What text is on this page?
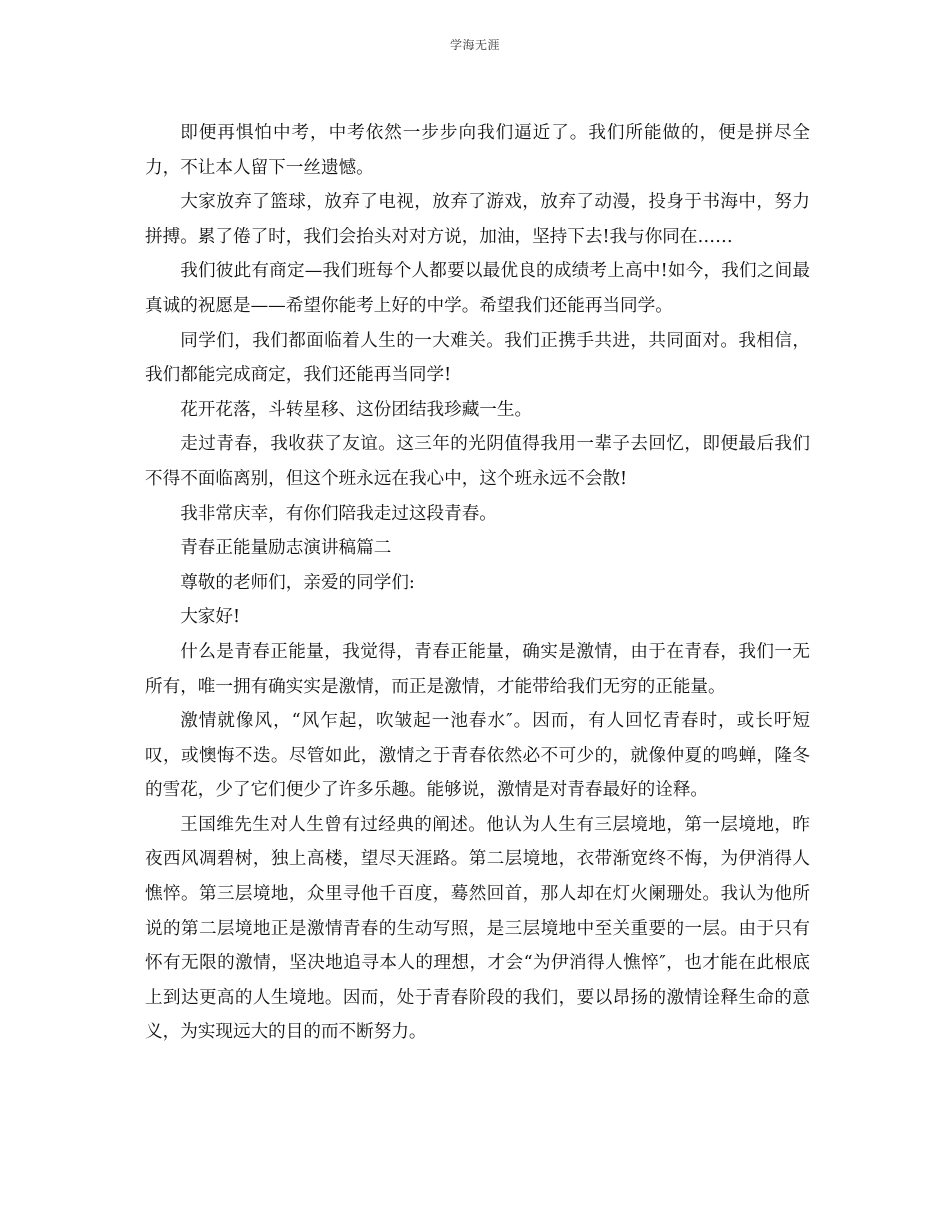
学海无涯

即便再惧怕中考，中考依然一步步向我们逼近了。我们所能做的，便是拼尽全力，不让本人留下一丝遗憾。

大家放弃了篮球，放弃了电视，放弃了游戏，放弃了动漫，投身于书海中，努力拼搏。累了倦了时，我们会抬头对对方说，加油，坚持下去!我与你同在……

我们彼此有商定—我们班每个人都要以最优良的成绩考上高中!如今，我们之间最真诚的祝愿是——希望你能考上好的中学。希望我们还能再当同学。

同学们，我们都面临着人生的一大难关。我们正携手共进，共同面对。我相信，我们都能完成商定，我们还能再当同学!

花开花落，斗转星移、这份团结我珍藏一生。

走过青春，我收获了友谊。这三年的光阴值得我用一辈子去回忆，即便最后我们不得不面临离别，但这个班永远在我心中，这个班永远不会散!

我非常庆幸，有你们陪我走过这段青春。

青春正能量励志演讲稿篇二

尊敬的老师们，亲爱的同学们:

大家好!

什么是青春正能量，我觉得，青春正能量，确实是激情，由于在青春，我们一无所有，唯一拥有确实实是激情，而正是激情，才能带给我们无穷的正能量。

激情就像风，“风乍起，吹皱起一池春水″。因而，有人回忆青春时，或长吁短叹，或懊悔不迭。尽管如此，激情之于青春依然必不可少的，就像仲夏的鸣蝉，隆冬的雪花，少了它们便少了许多乐趣。能够说，激情是对青春最好的诠释。

王国维先生对人生曾有过经典的阐述。他认为人生有三层境地，第一层境地，昨夜西风凋碧树，独上高楼，望尽天涯路。第二层境地，衣带渐宽终不悔，为伊消得人憔悴。第三层境地，众里寻他千百度，蓦然回首，那人却在灯火阑珊处。我认为他所说的第二层境地正是激情青春的生动写照，是三层境地中至关重要的一层。由于只有怀有无限的激情，坚决地追寻本人的理想，才会“为伊消得人憔悴″，也才能在此根底上到达更高的人生境地。因而，处于青春阶段的我们，要以昂扬的激情诠释生命的意义，为实现远大的目的而不断努力。
